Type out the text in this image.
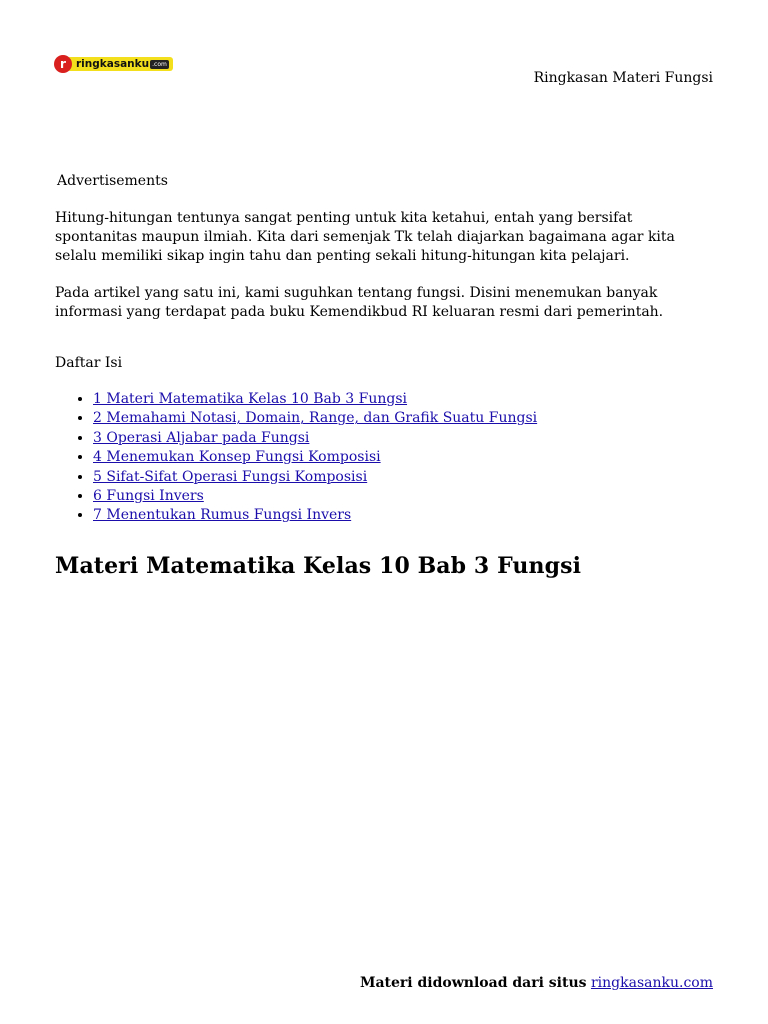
r ringkasanku .com

Ringkasan Materi Fungsi

Advertisements

Hitung-hitungan tentunya sangat penting untuk kita ketahui, entah yang bersifat spontanitas maupun ilmiah. Kita dari semenjak Tk telah diajarkan bagaimana agar kita selalu memiliki sikap ingin tahu dan penting sekali hitung-hitungan kita pelajari.

Pada artikel yang satu ini, kami suguhkan tentang fungsi. Disini menemukan banyak informasi yang terdapat pada buku Kemendikbud RI keluaran resmi dari pemerintah.

Daftar Isi

• 1 Materi Matematika Kelas 10 Bab 3 Fungsi
• 2 Memahami Notasi, Domain, Range, dan Grafik Suatu Fungsi
• 3 Operasi Aljabar pada Fungsi
• 4 Menemukan Konsep Fungsi Komposisi
• 5 Sifat-Sifat Operasi Fungsi Komposisi
• 6 Fungsi Invers
• 7 Menentukan Rumus Fungsi Invers
Materi Matematika Kelas 10 Bab 3 Fungsi

Materi didownload dari situs ringkasanku.com
